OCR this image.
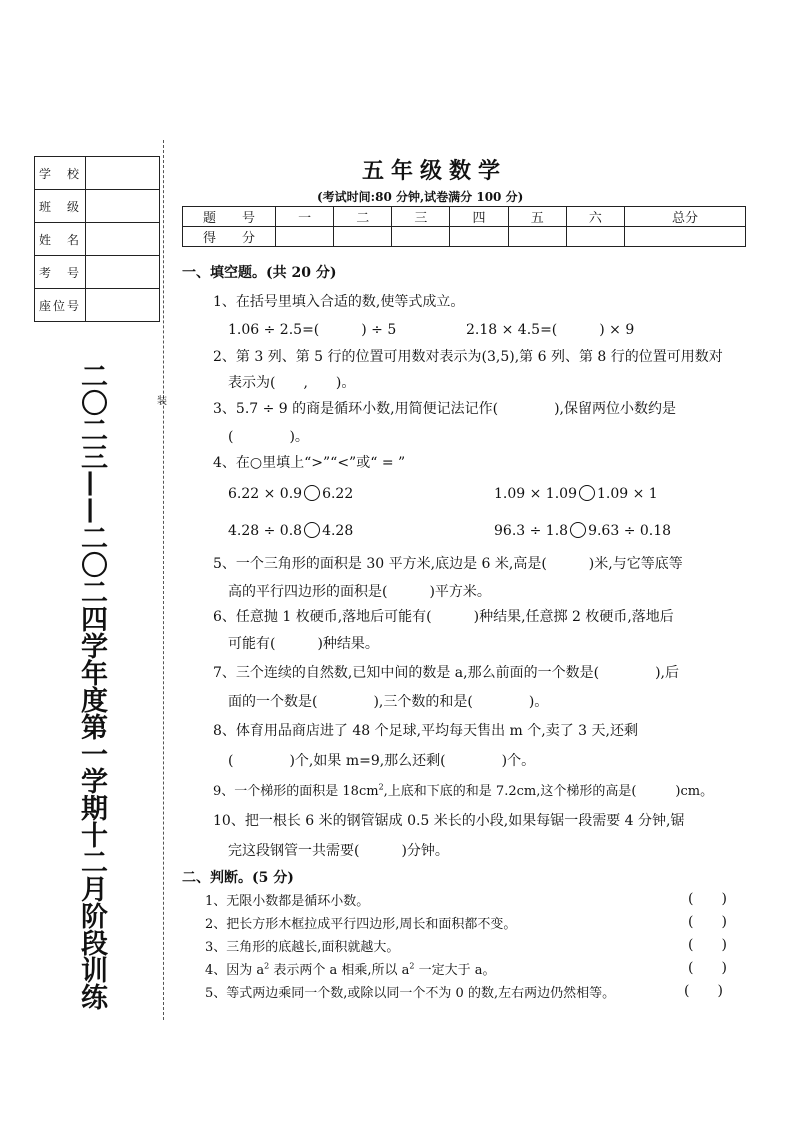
学　校	
班　级	
姓　名	
考　号	
座位号	
二〇二三——二〇二四学年度第一学期十二月阶段训练	装
五年级数学
(考试时间:80 分钟,试卷满分 100 分)
题　　号	一	二	三	四	五	六	总分
得　　分							
一、填空题。(共 20 分)
1、在括号里填入合适的数,使等式成立。
1.06 ÷ 2.5=(　　　) ÷ 5	2.18 × 4.5=(　　　) × 9
2、第 3 列、第 5 行的位置可用数对表示为(3,5),第 6 列、第 8 行的位置可用数对
表示为(　　,　　)。
3、5.7 ÷ 9 的商是循环小数,用简便记法记作(　　　　),保留两位小数约是
(　　　　)。
4、在○里填上“>”“<”或“ = ”
6.22 × 0.9 6.22	1.09 × 1.09 1.09 × 1
4.28 ÷ 0.8 4.28	96.3 ÷ 1.8 9.63 ÷ 0.18
5、一个三角形的面积是 30 平方米,底边是 6 米,高是(　　　)米,与它等底等
高的平行四边形的面积是(　　　)平方米。
6、任意抛 1 枚硬币,落地后可能有(　　　)种结果,任意掷 2 枚硬币,落地后
可能有(　　　)种结果。
7、三个连续的自然数,已知中间的数是 a,那么前面的一个数是(　　　　),后
面的一个数是(　　　　),三个数的和是(　　　　)。
8、体育用品商店进了 48 个足球,平均每天售出 m 个,卖了 3 天,还剩
(　　　　)个,如果 m=9,那么还剩(　　　　)个。
9、一个梯形的面积是 $18cm^2$,上底和下底的和是 7.2cm,这个梯形的高是(　　　)cm。
10、把一根长 6 米的钢管锯成 0.5 米长的小段,如果每锯一段需要 4 分钟,锯
完这段钢管一共需要(　　　)分钟。
二、判断。(5 分)
1、无限小数都是循环小数。	(　　)
2、把长方形木框拉成平行四边形,周长和面积都不变。	(　　)
3、三角形的底越长,面积就越大。	(　　)
4、因为 $a^2$ 表示两个 a 相乘,所以 $a^2$ 一定大于 a。	(　　)
5、等式两边乘同一个数,或除以同一个不为 0 的数,左右两边仍然相等。	(　　)
